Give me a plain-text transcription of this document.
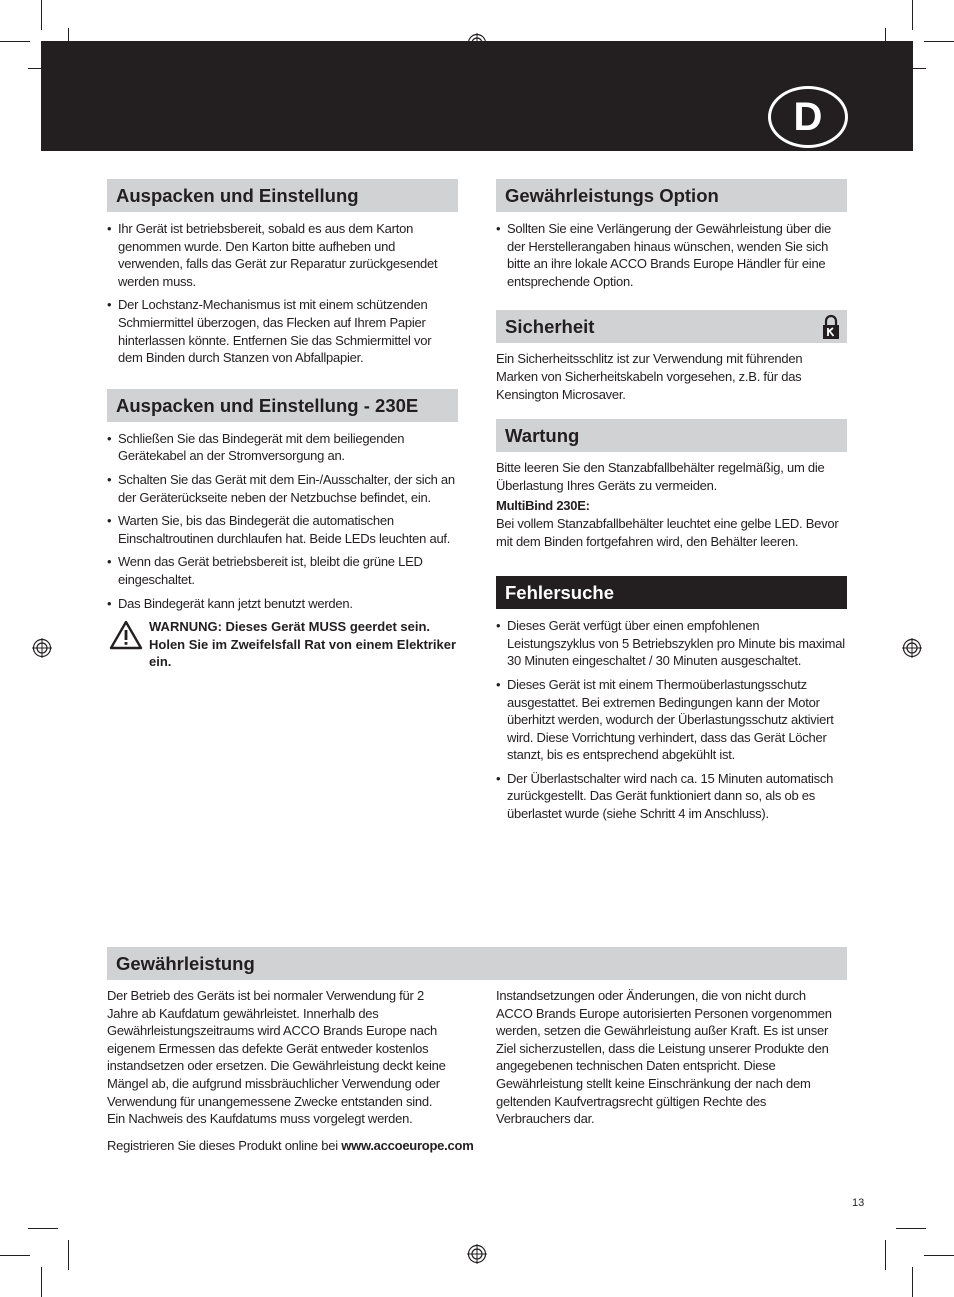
D
Auspacken und Einstellung
• Ihr Gerät ist betriebsbereit, sobald es aus dem Karton genommen wurde. Den Karton bitte aufheben und verwenden, falls das Gerät zur Reparatur zurückgesendet werden muss.
• Der Lochstanz-Mechanismus ist mit einem schützenden Schmiermittel überzogen, das Flecken auf Ihrem Papier hinterlassen könnte. Entfernen Sie das Schmiermittel vor dem Binden durch Stanzen von Abfallpapier.
Auspacken und Einstellung - 230E
• Schließen Sie das Bindegerät mit dem beiliegenden Gerätekabel an der Stromversorgung an.
• Schalten Sie das Gerät mit dem Ein-/Ausschalter, der sich an der Geräterückseite neben der Netzbuchse befindet, ein.
• Warten Sie, bis das Bindegerät die automatischen Einschaltroutinen durchlaufen hat. Beide LEDs leuchten auf.
• Wenn das Gerät betriebsbereit ist, bleibt die grüne LED eingeschaltet.
• Das Bindegerät kann jetzt benutzt werden.
WARNUNG: Dieses Gerät MUSS geerdet sein. Holen Sie im Zweifelsfall Rat von einem Elektriker ein.
Gewährleistungs Option
• Sollten Sie eine Verlängerung der Gewährleistung über die der Herstellerangaben hinaus wünschen, wenden Sie sich bitte an ihre lokale ACCO Brands Europe Händler für eine entsprechende Option.
Sicherheit

Ein Sicherheitsschlitz ist zur Verwendung mit führenden Marken von Sicherheitskabeln vorgesehen, z.B. für das Kensington Microsaver.

Wartung

Bitte leeren Sie den Stanzabfallbehälter regelmäßig, um die Überlastung Ihres Geräts zu vermeiden.

MultiBind 230E:

Bei vollem Stanzabfallbehälter leuchtet eine gelbe LED. Bevor mit dem Binden fortgefahren wird, den Behälter leeren.

Fehlersuche
• Dieses Gerät verfügt über einen empfohlenen Leistungszyklus von 5 Betriebszyklen pro Minute bis maximal 30 Minuten eingeschaltet / 30 Minuten ausgeschaltet.
• Dieses Gerät ist mit einem Thermoüberlastungsschutz ausgestattet. Bei extremen Bedingungen kann der Motor überhitzt werden, wodurch der Überlastungsschutz aktiviert wird. Diese Vorrichtung verhindert, dass das Gerät Löcher stanzt, bis es entsprechend abgekühlt ist.
• Der Überlastschalter wird nach ca. 15 Minuten automatisch zurückgestellt. Das Gerät funktioniert dann so, als ob es überlastet wurde (siehe Schritt 4 im Anschluss).
Gewährleistung

Der Betrieb des Geräts ist bei normaler Verwendung für 2 Jahre ab Kaufdatum gewährleistet. Innerhalb des Gewährleistungszeitraums wird ACCO Brands Europe nach eigenem Ermessen das defekte Gerät entweder kostenlos instandsetzen oder ersetzen. Die Gewährleistung deckt keine Mängel ab, die aufgrund missbräuchlicher Verwendung oder Verwendung für unangemessene Zwecke entstanden sind. Ein Nachweis des Kaufdatums muss vorgelegt werden.

Registrieren Sie dieses Produkt online bei www.accoeurope.com

Instandsetzungen oder Änderungen, die von nicht durch ACCO Brands Europe autorisierten Personen vorgenommen werden, setzen die Gewährleistung außer Kraft. Es ist unser Ziel sicherzustellen, dass die Leistung unserer Produkte den angegebenen technischen Daten entspricht. Diese Gewährleistung stellt keine Einschränkung der nach dem geltenden Kaufvertragsrecht gültigen Rechte des Verbrauchers dar.

13
